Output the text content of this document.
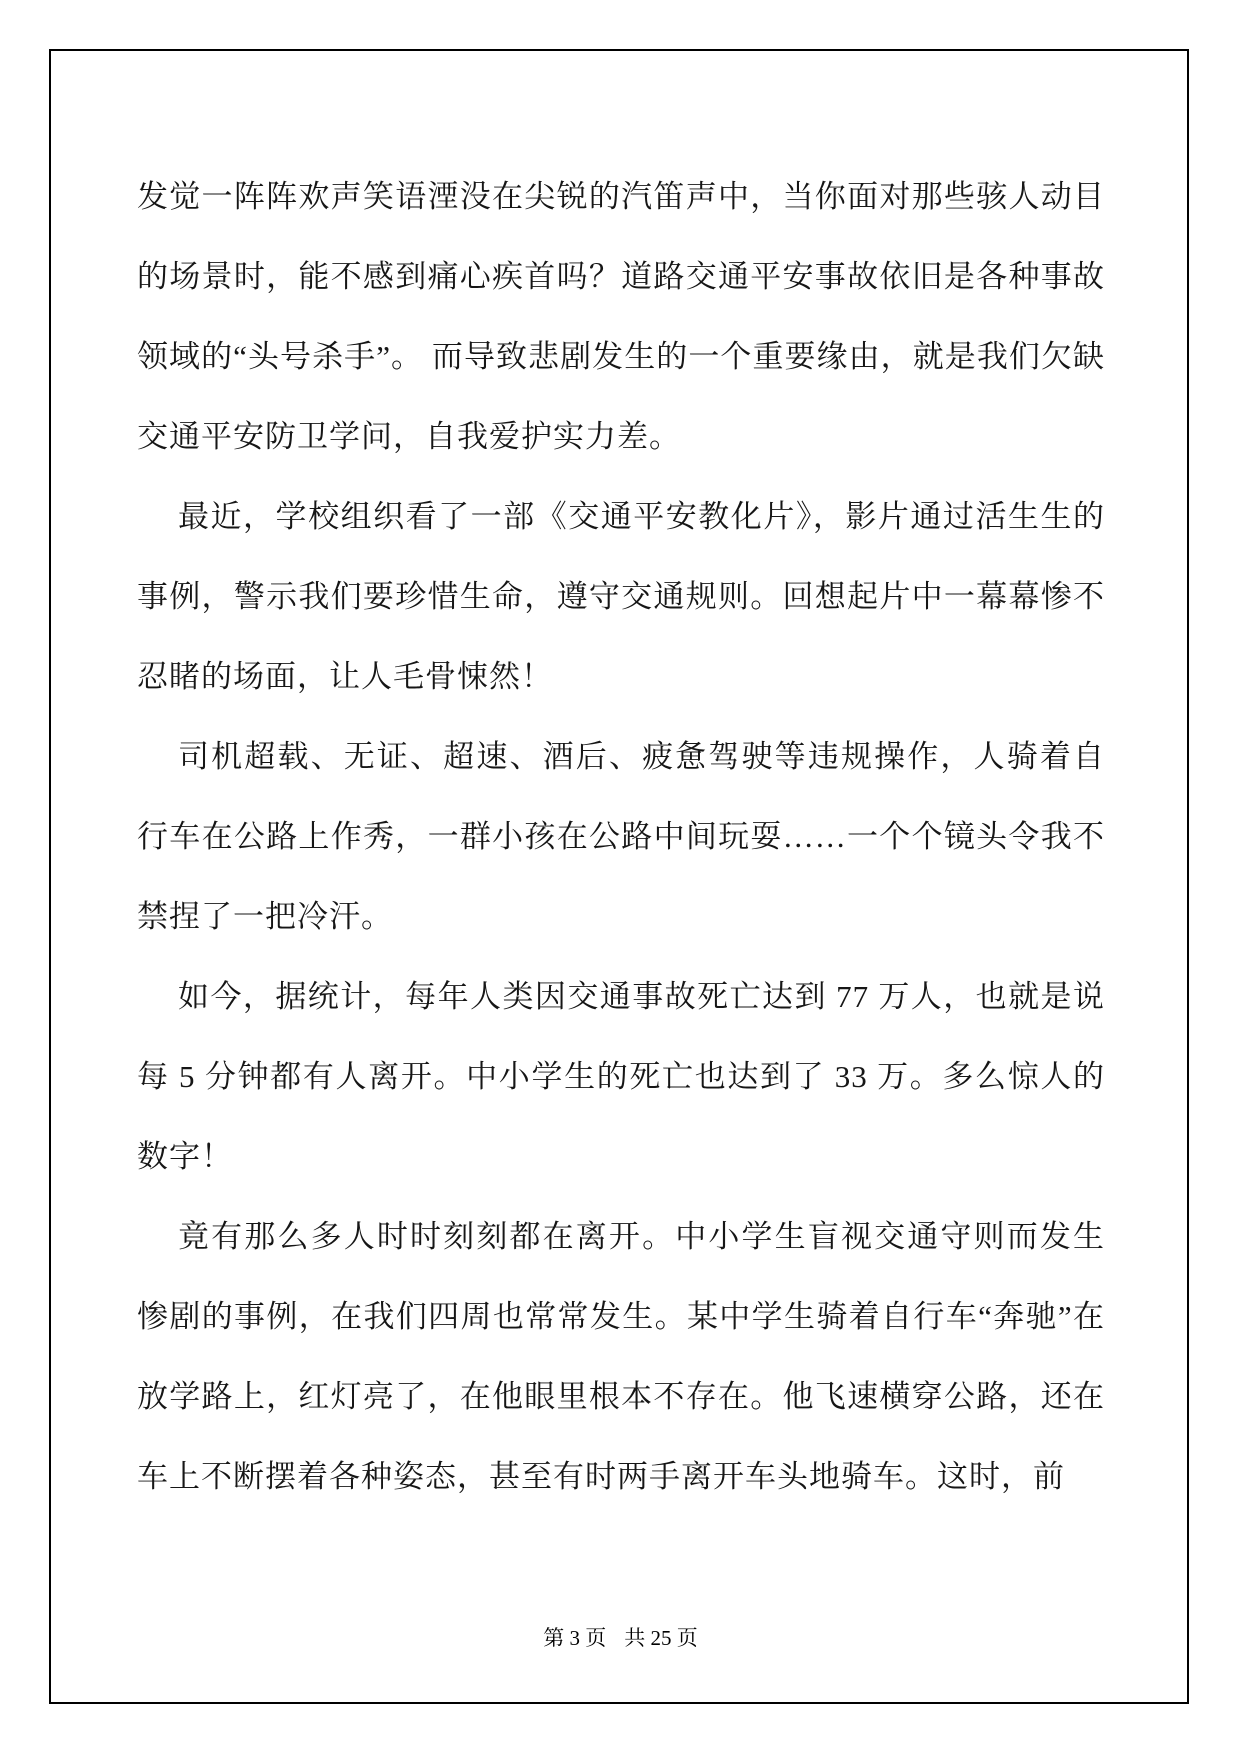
发觉一阵阵欢声笑语湮没在尖锐的汽笛声中，当你面对那些骇人动目的场景时，能不感到痛心疾首吗？道路交通平安事故依旧是各种事故领域的“头号杀手”。 而导致悲剧发生的一个重要缘由，就是我们欠缺交通平安防卫学问，自我爱护实力差。

最近，学校组织看了一部《交通平安教化片》，影片通过活生生的事例，警示我们要珍惜生命，遵守交通规则。回想起片中一幕幕惨不忍睹的场面，让人毛骨悚然！

司机超载、无证、超速、酒后、疲惫驾驶等违规操作，人骑着自行车在公路上作秀，一群小孩在公路中间玩耍……一个个镜头令我不禁捏了一把冷汗。

如今，据统计，每年人类因交通事故死亡达到 77 万人，也就是说每 5 分钟都有人离开。中小学生的死亡也达到了 33 万。多么惊人的数字！

竟有那么多人时时刻刻都在离开。中小学生盲视交通守则而发生惨剧的事例，在我们四周也常常发生。某中学生骑着自行车“奔驰”在放学路上，红灯亮了，在他眼里根本不存在。他飞速横穿公路，还在车上不断摆着各种姿态，甚至有时两手离开车头地骑车。这时，前

第 3 页 共 25 页
